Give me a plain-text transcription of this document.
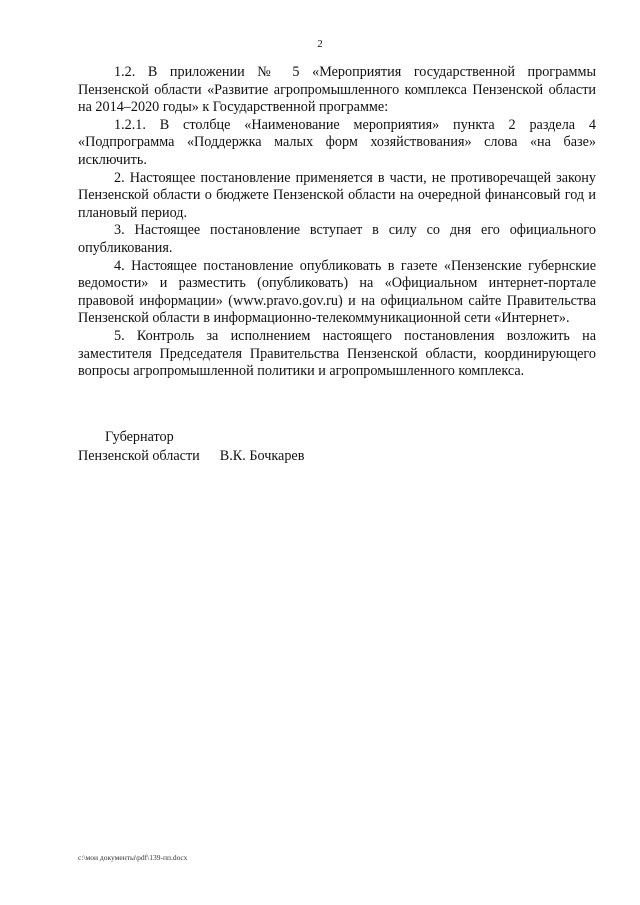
2

1.2. В приложении № 5 «Мероприятия государственной программы Пензенской области «Развитие агропромышленного комплекса Пензенской области на 2014–2020 годы» к Государственной программе:

1.2.1. В столбце «Наименование мероприятия» пункта 2 раздела 4 «Подпрограмма «Поддержка малых форм хозяйствования» слова «на базе» исключить.

2. Настоящее постановление применяется в части, не противоречащей закону Пензенской области о бюджете Пензенской области на очередной финансовый год и плановый период.

3. Настоящее постановление вступает в силу со дня его официального опубликования.

4. Настоящее постановление опубликовать в газете «Пензенские губернские ведомости» и разместить (опубликовать) на «Официальном интернет-портале правовой информации» (www.pravo.gov.ru) и на официальном сайте Правительства Пензенской области в информационно-телекоммуникационной сети «Интернет».

5. Контроль за исполнением настоящего постановления возложить на заместителя Председателя Правительства Пензенской области, координирующего вопросы агропромышленной политики и агропромышленного комплекса.

Губернатор
Пензенской области В.К. Бочкарев
c:\мои документы\pdf\139-пп.docx
